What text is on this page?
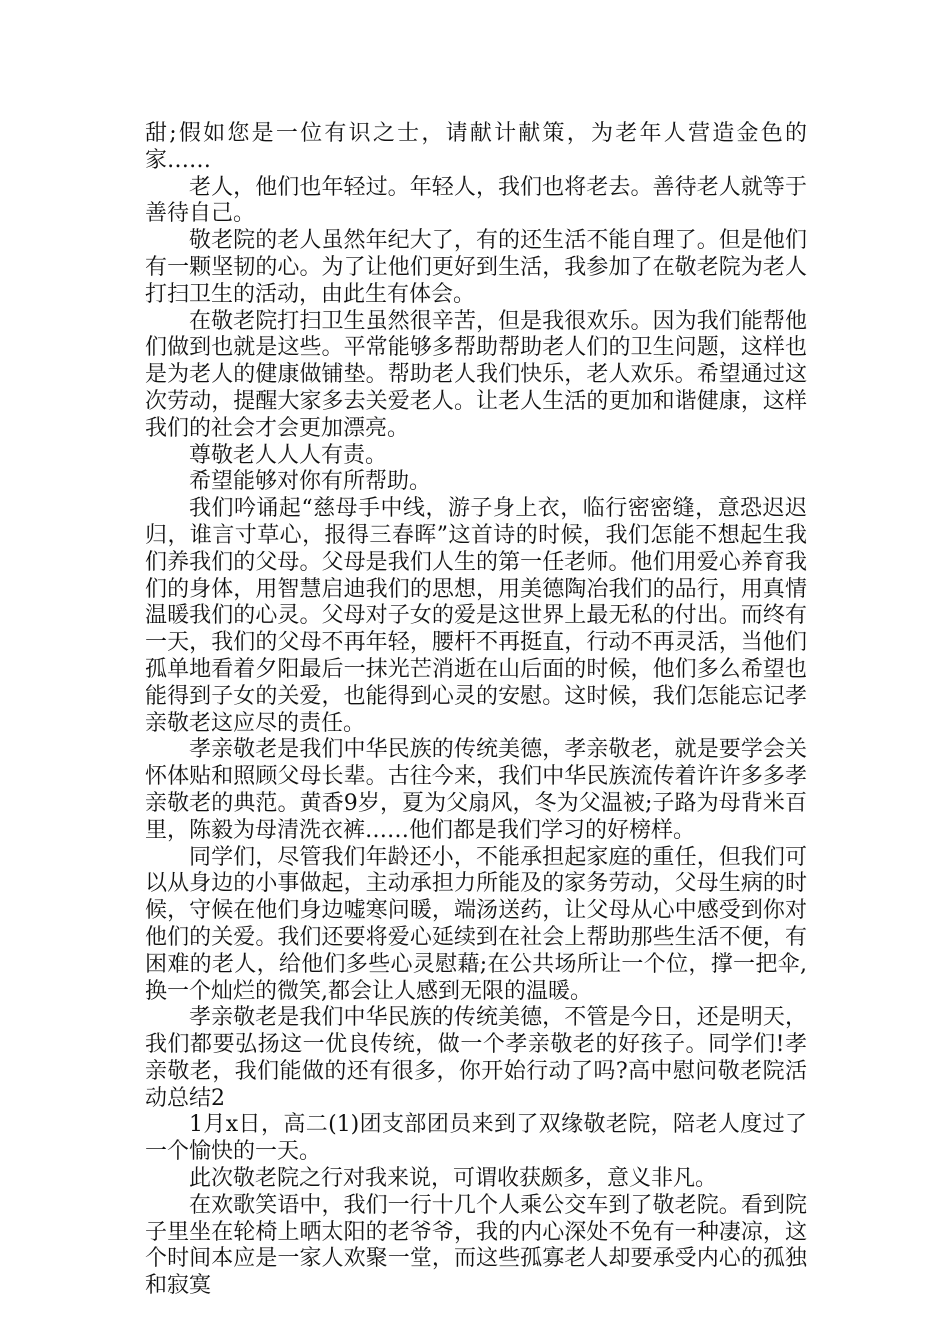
甜;假如您是一位有识之士，请献计献策，为老年人营造金色的家……

老人，他们也年轻过。年轻人，我们也将老去。善待老人就等于善待自己。

敬老院的老人虽然年纪大了，有的还生活不能自理了。但是他们有一颗坚韧的心。为了让他们更好到生活，我参加了在敬老院为老人打扫卫生的活动，由此生有体会。

在敬老院打扫卫生虽然很辛苦，但是我很欢乐。因为我们能帮他们做到也就是这些。平常能够多帮助帮助老人们的卫生问题，这样也是为老人的健康做铺垫。帮助老人我们快乐，老人欢乐。希望通过这次劳动，提醒大家多去关爱老人。让老人生活的更加和谐健康，这样我们的社会才会更加漂亮。

尊敬老人人人有责。

希望能够对你有所帮助。

我们吟诵起“慈母手中线，游子身上衣，临行密密缝，意恐迟迟归，谁言寸草心，报得三春晖”这首诗的时候，我们怎能不想起生我们养我们的父母。父母是我们人生的第一任老师。他们用爱心养育我们的身体，用智慧启迪我们的思想，用美德陶冶我们的品行，用真情温暖我们的心灵。父母对子女的爱是这世界上最无私的付出。而终有一天，我们的父母不再年轻，腰杆不再挺直，行动不再灵活，当他们孤单地看着夕阳最后一抹光芒消逝在山后面的时候，他们多么希望也能得到子女的关爱，也能得到心灵的安慰。这时候，我们怎能忘记孝亲敬老这应尽的责任。

孝亲敬老是我们中华民族的传统美德，孝亲敬老，就是要学会关怀体贴和照顾父母长辈。古往今来，我们中华民族流传着许许多多孝亲敬老的典范。黄香9岁，夏为父扇风，冬为父温被;子路为母背米百里，陈毅为母清洗衣裤……他们都是我们学习的好榜样。

同学们，尽管我们年龄还小，不能承担起家庭的重任，但我们可以从身边的小事做起，主动承担力所能及的家务劳动，父母生病的时候，守候在他们身边嘘寒问暖，端汤送药，让父母从心中感受到你对他们的关爱。我们还要将爱心延续到在社会上帮助那些生活不便，有困难的老人，给他们多些心灵慰藉;在公共场所让一个位，撑一把伞,换一个灿烂的微笑,都会让人感到无限的温暖。

孝亲敬老是我们中华民族的传统美德，不管是今日，还是明天，我们都要弘扬这一优良传统，做一个孝亲敬老的好孩子。同学们!孝亲敬老，我们能做的还有很多，你开始行动了吗?高中慰问敬老院活动总结2

1月x日，高二(1)团支部团员来到了双缘敬老院，陪老人度过了一个愉快的一天。

此次敬老院之行对我来说，可谓收获颇多，意义非凡。

在欢歌笑语中，我们一行十几个人乘公交车到了敬老院。看到院子里坐在轮椅上晒太阳的老爷爷，我的内心深处不免有一种凄凉，这个时间本应是一家人欢聚一堂，而这些孤寡老人却要承受内心的孤独和寂寞
